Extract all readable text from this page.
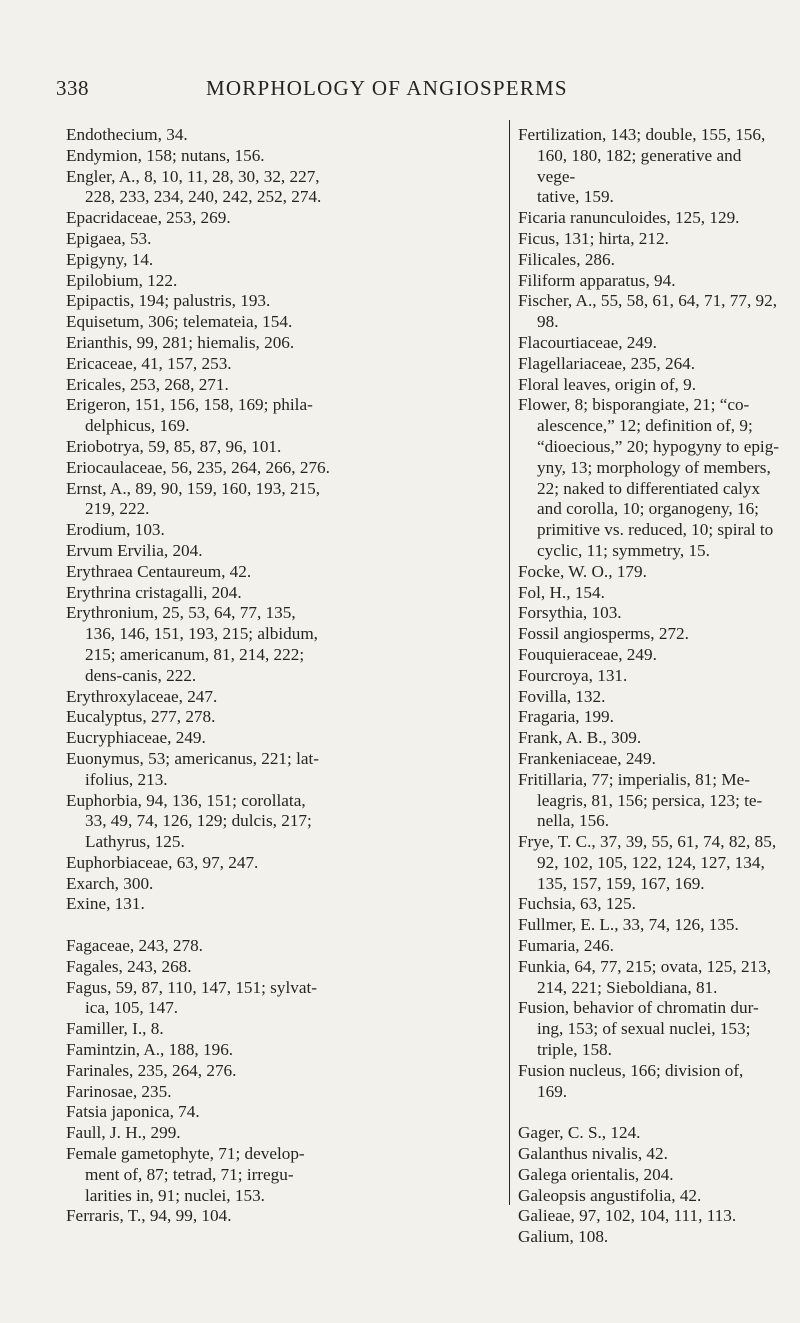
338	MORPHOLOGY OF ANGIOSPERMS
Endothecium, 34.
Endymion, 158; nutans, 156.
Engler, A., 8, 10, 11, 28, 30, 32, 227,
228, 233, 234, 240, 242, 252, 274.
Epacridaceae, 253, 269.
Epigaea, 53.
Epigyny, 14.
Epilobium, 122.
Epipactis, 194; palustris, 193.
Equisetum, 306; telemateia, 154.
Erianthis, 99, 281; hiemalis, 206.
Ericaceae, 41, 157, 253.
Ericales, 253, 268, 271.
Erigeron, 151, 156, 158, 169; phila-
delphicus, 169.
Eriobotrya, 59, 85, 87, 96, 101.
Eriocaulaceae, 56, 235, 264, 266, 276.
Ernst, A., 89, 90, 159, 160, 193, 215,
219, 222.
Erodium, 103.
Ervum Ervilia, 204.
Erythraea Centaureum, 42.
Erythrina cristagalli, 204.
Erythronium, 25, 53, 64, 77, 135,
136, 146, 151, 193, 215; albidum,
215; americanum, 81, 214, 222;
dens-canis, 222.
Erythroxylaceae, 247.
Eucalyptus, 277, 278.
Eucryphiaceae, 249.
Euonymus, 53; americanus, 221; lat-
ifolius, 213.
Euphorbia, 94, 136, 151; corollata,
33, 49, 74, 126, 129; dulcis, 217;
Lathyrus, 125.
Euphorbiaceae, 63, 97, 247.
Exarch, 300.
Exine, 131.
Fagaceae, 243, 278.
Fagales, 243, 268.
Fagus, 59, 87, 110, 147, 151; sylvat-
ica, 105, 147.
Familler, I., 8.
Famintzin, A., 188, 196.
Farinales, 235, 264, 276.
Farinosae, 235.
Fatsia japonica, 74.
Faull, J. H., 299.
Female gametophyte, 71; develop-
ment of, 87; tetrad, 71; irregu-
larities in, 91; nuclei, 153.
Ferraris, T., 94, 99, 104.
Fertilization, 143; double, 155, 156,
160, 180, 182; generative and vege-
tative, 159.
Ficaria ranunculoides, 125, 129.
Ficus, 131; hirta, 212.
Filicales, 286.
Filiform apparatus, 94.
Fischer, A., 55, 58, 61, 64, 71, 77, 92,
98.
Flacourtiaceae, 249.
Flagellariaceae, 235, 264.
Floral leaves, origin of, 9.
Flower, 8; bisporangiate, 21; “co-
alescence,” 12; definition of, 9;
“dioecious,” 20; hypogyny to epig-
yny, 13; morphology of members,
22; naked to differentiated calyx
and corolla, 10; organogeny, 16;
primitive vs. reduced, 10; spiral to
cyclic, 11; symmetry, 15.
Focke, W. O., 179.
Fol, H., 154.
Forsythia, 103.
Fossil angiosperms, 272.
Fouquieraceae, 249.
Fourcroya, 131.
Fovilla, 132.
Fragaria, 199.
Frank, A. B., 309.
Frankeniaceae, 249.
Fritillaria, 77; imperialis, 81; Me-
leagris, 81, 156; persica, 123; te-
nella, 156.
Frye, T. C., 37, 39, 55, 61, 74, 82, 85,
92, 102, 105, 122, 124, 127, 134,
135, 157, 159, 167, 169.
Fuchsia, 63, 125.
Fullmer, E. L., 33, 74, 126, 135.
Fumaria, 246.
Funkia, 64, 77, 215; ovata, 125, 213,
214, 221; Sieboldiana, 81.
Fusion, behavior of chromatin dur-
ing, 153; of sexual nuclei, 153;
triple, 158.
Fusion nucleus, 166; division of,
169.
Gager, C. S., 124.
Galanthus nivalis, 42.
Galega orientalis, 204.
Galeopsis angustifolia, 42.
Galieae, 97, 102, 104, 111, 113.
Galium, 108.
